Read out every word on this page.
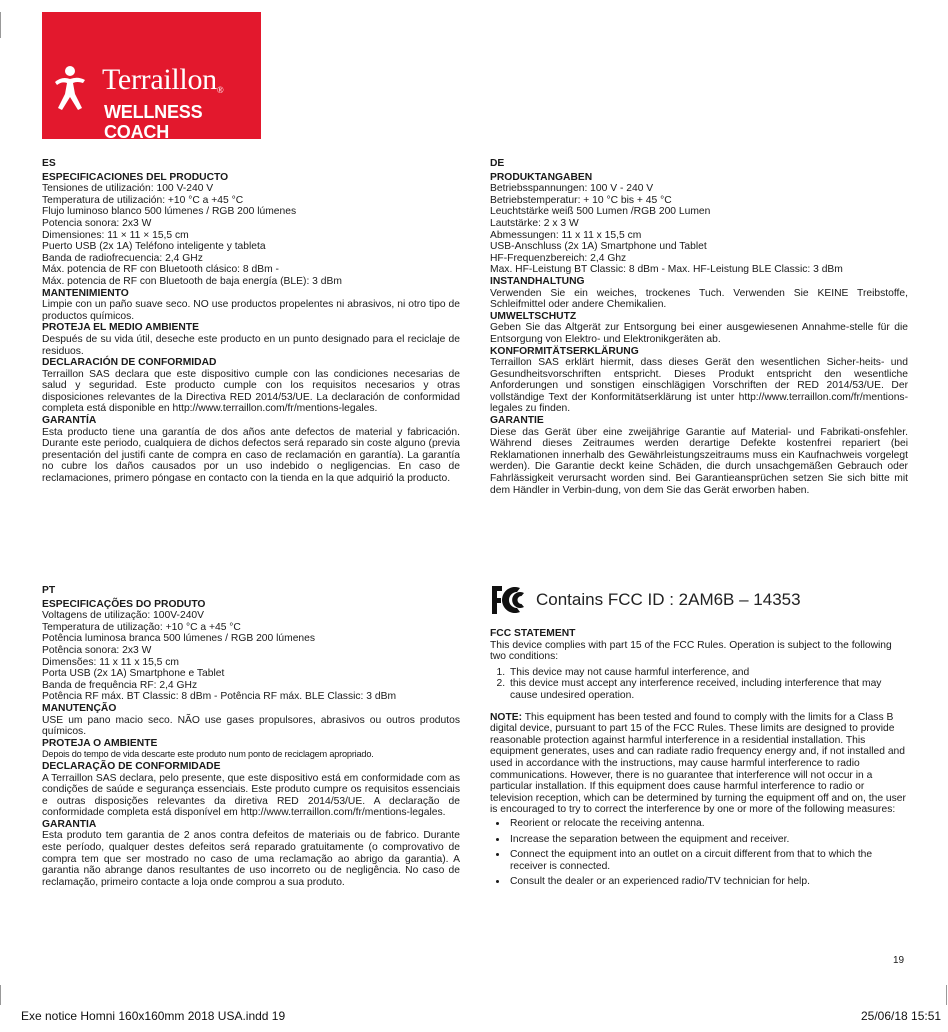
Terraillon®
WELLNESS COACH
ES
ESPECIFICACIONES DEL PRODUCTO

Tensiones de utilización: 100 V-240 V

Temperatura de utilización: +10 °C a +45 °C

Flujo luminoso blanco 500 lúmenes / RGB 200 lúmenes

Potencia sonora: 2x3 W

Dimensiones: 11 × 11 × 15,5 cm

Puerto USB (2x 1A) Teléfono inteligente y tableta

Banda de radiofrecuencia: 2,4 GHz

Máx. potencia de RF con Bluetooth clásico: 8 dBm -

Máx. potencia de RF con Bluetooth de baja energía (BLE): 3 dBm

MANTENIMIENTO

Limpie con un paño suave seco. NO use productos propelentes ni abrasivos, ni otro tipo de productos químicos.

PROTEJA EL MEDIO AMBIENTE

Después de su vida útil, deseche este producto en un punto designado para el reciclaje de residuos.

DECLARACIÓN DE CONFORMIDAD

Terraillon SAS declara que este dispositivo cumple con las condiciones necesarias de salud y seguridad. Este producto cumple con los requisitos necesarios y otras disposiciones relevantes de la Directiva RED 2014/53/UE. La declaración de conformidad completa está disponible en http://www.terraillon.com/fr/mentions-legales.

GARANTÍA

Esta producto tiene una garantía de dos años ante defectos de material y fabricación. Durante este periodo, cualquiera de dichos defectos será reparado sin coste alguno (previa presentación del justifi cante de compra en caso de reclamación en garantía). La garantía no cubre los daños causados por un uso indebido o negligencias. En caso de reclamaciones, primero póngase en contacto con la tienda en la que adquirió la producto.

DE
PRODUKTANGABEN

Betriebsspannungen: 100 V - 240 V

Betriebstemperatur: + 10 °C bis + 45 °C

Leuchtstärke weiß 500 Lumen /RGB 200 Lumen

Lautstärke: 2 x 3 W

Abmessungen: 11 x 11 x 15,5 cm

USB-Anschluss (2x 1A) Smartphone und Tablet

HF-Frequenzbereich: 2,4 Ghz

Max. HF-Leistung BT Classic: 8 dBm - Max. HF-Leistung BLE Classic: 3 dBm

INSTANDHALTUNG

Verwenden Sie ein weiches, trockenes Tuch. Verwenden Sie KEINE Treibstoffe, Schleifmittel oder andere Chemikalien.

UMWELTSCHUTZ

Geben Sie das Altgerät zur Entsorgung bei einer ausgewiesenen Annahme-stelle für die Entsorgung von Elektro- und Elektronikgeräten ab.

KONFORMITÄTSERKLÄRUNG

Terraillon SAS erklärt hiermit, dass dieses Gerät den wesentlichen Sicher-heits- und Gesundheitsvorschriften entspricht. Dieses Produkt entspricht den wesentliche Anforderungen und sonstigen einschlägigen Vorschriften der RED 2014/53/UE. Der vollständige Text der Konformitätserklärung ist unter http://www.terraillon.com/fr/mentions-legales zu finden.

GARANTIE

Diese das Gerät über eine zweijährige Garantie auf Material- und Fabrikati-onsfehler. Während dieses Zeitraumes werden derartige Defekte kostenfrei repariert (bei Reklamationen innerhalb des Gewährleistungszeitraums muss ein Kaufnachweis vorgelegt werden). Die Garantie deckt keine Schäden, die durch unsachgemäßen Gebrauch oder Fahrlässigkeit verursacht worden sind. Bei Garantieansprüchen setzen Sie sich bitte mit dem Händler in Verbin-dung, von dem Sie das Gerät erworben haben.

PT
ESPECIFICAÇÕES DO PRODUTO

Voltagens de utilização: 100V-240V

Temperatura de utilização: +10 °C a +45 °C

Potência luminosa branca 500 lúmenes / RGB 200 lúmenes

Potência sonora: 2x3 W

Dimensões: 11 x 11 x 15,5 cm

Porta USB (2x 1A) Smartphone e Tablet

Banda de frequência RF: 2,4 GHz

Potência RF máx. BT Classic: 8 dBm - Potência RF máx. BLE Classic: 3 dBm

MANUTENÇÃO

USE um pano macio seco. NÃO use gases propulsores, abrasivos ou outros produtos químicos.

PROTEJA O AMBIENTE

Depois do tempo de vida descarte este produto num ponto de reciclagem apropriado.

DECLARAÇÃO DE CONFORMIDADE

A Terraillon SAS declara, pelo presente, que este dispositivo está em conformidade com as condições de saúde e segurança essenciais. Este produto cumpre os requisitos essenciais e outras disposições relevantes da diretiva RED 2014/53/UE. A declaração de conformidade completa está disponível em http://www.terraillon.com/fr/mentions-legales.

GARANTIA

Esta produto tem garantia de 2 anos contra defeitos de materiais ou de fabrico. Durante este período, qualquer destes defeitos será reparado gratuitamente (o comprovativo de compra tem que ser mostrado no caso de uma reclamação ao abrigo da garantia). A garantia não abrange danos resultantes de uso incorreto ou de negligência. No caso de reclamação, primeiro contacte a loja onde comprou a sua produto.

Contains FCC ID : 2AM6B – 14353
FCC STATEMENT

This device complies with part 15 of the FCC Rules. Operation is subject to the following two conditions:

1. This device may not cause harmful interference, and
2. this device must accept any interference received, including interference that may cause undesired operation.

NOTE: This equipment has been tested and found to comply with the limits for a Class B digital device, pursuant to part 15 of the FCC Rules. These limits are designed to provide reasonable protection against harmful interference in a residential installation. This equipment generates, uses and can radiate radio frequency energy and, if not installed and used in accordance with the instructions, may cause harmful interference to radio communications. However, there is no guarantee that interference will not occur in a particular installation. If this equipment does cause harmful interference to radio or television reception, which can be determined by turning the equipment off and on, the user is encouraged to try to correct the interference by one or more of the following measures:

• Reorient or relocate the receiving antenna.
• Increase the separation between the equipment and receiver.
• Connect the equipment into an outlet on a circuit different from that to which the receiver is connected.
• Consult the dealer or an experienced radio/TV technician for help.
19
Exe notice Homni 160x160mm 2018 USA.indd 19	25/06/18 15:51
